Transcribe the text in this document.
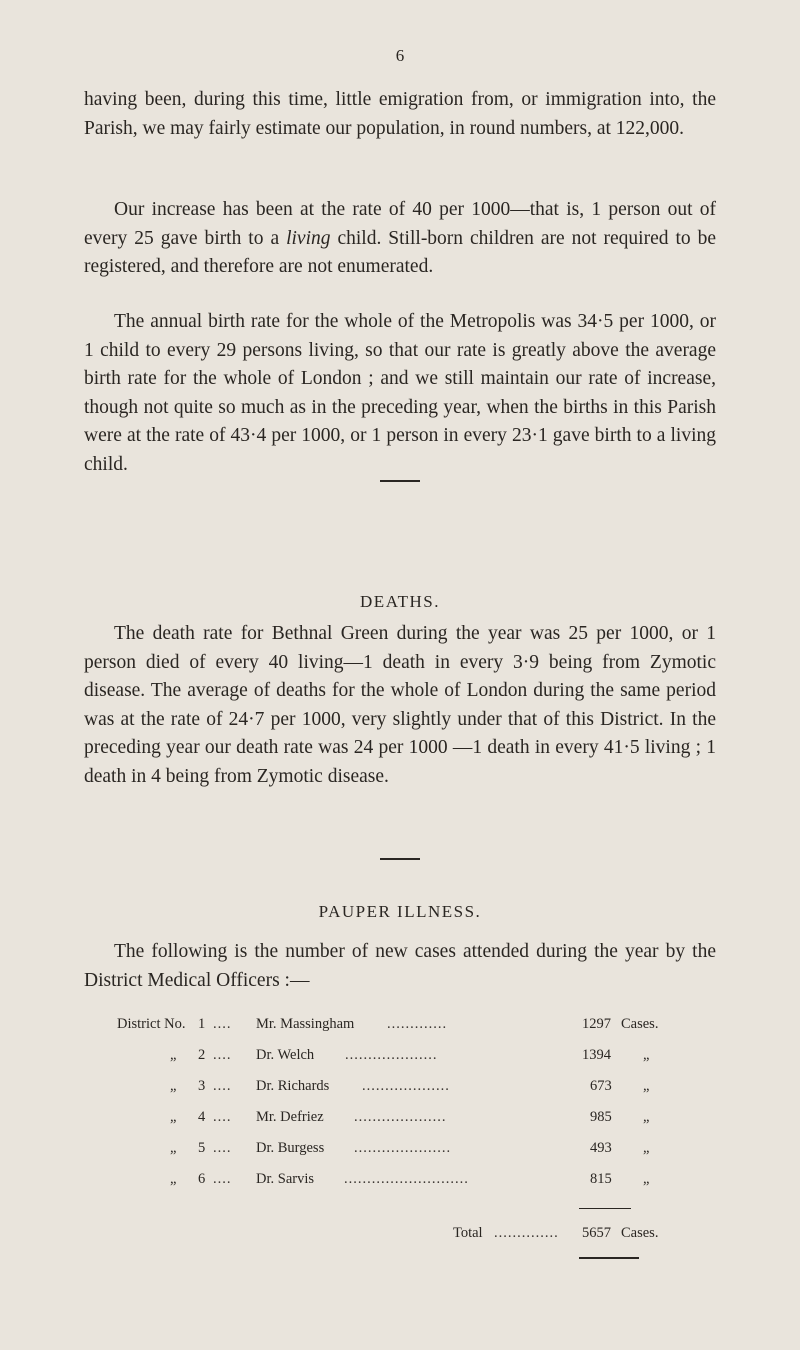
6

having been, during this time, little emigration from, or immigration into, the Parish, we may fairly estimate our population, in round numbers, at 122,000.

Our increase has been at the rate of 40 per 1000—that is, 1 person out of every 25 gave birth to a living child. Still-born children are not required to be registered, and therefore are not enumerated.

The annual birth rate for the whole of the Metropolis was 34·5 per 1000, or 1 child to every 29 persons living, so that our rate is greatly above the average birth rate for the whole of London ; and we still maintain our rate of increase, though not quite so much as in the preceding year, when the births in this Parish were at the rate of 43·4 per 1000, or 1 person in every 23·1 gave birth to a living child.

DEATHS.

The death rate for Bethnal Green during the year was 25 per 1000, or 1 person died of every 40 living—1 death in every 3·9 being from Zymotic disease. The average of deaths for the whole of London during the same period was at the rate of 24·7 per 1000, very slightly under that of this District. In the preceding year our death rate was 24 per 1000 —1 death in every 41·5 living ; 1 death in 4 being from Zymotic disease.

PAUPER ILLNESS.

The following is the number of new cases attended during the year by the District Medical Officers :—

District No. 1 .... Mr. Massingham .............	1297 Cases.
„ 2 .... Dr. Welch ....................	1394 „
„ 3 .... Dr. Richards ...................	673 „
„ 4 .... Mr. Defriez ....................	985 „
„ 5 .... Dr. Burgess .....................	493 „
„ 6 .... Dr. Sarvis ...........................	815 „
Total .............. 5657 Cases.
